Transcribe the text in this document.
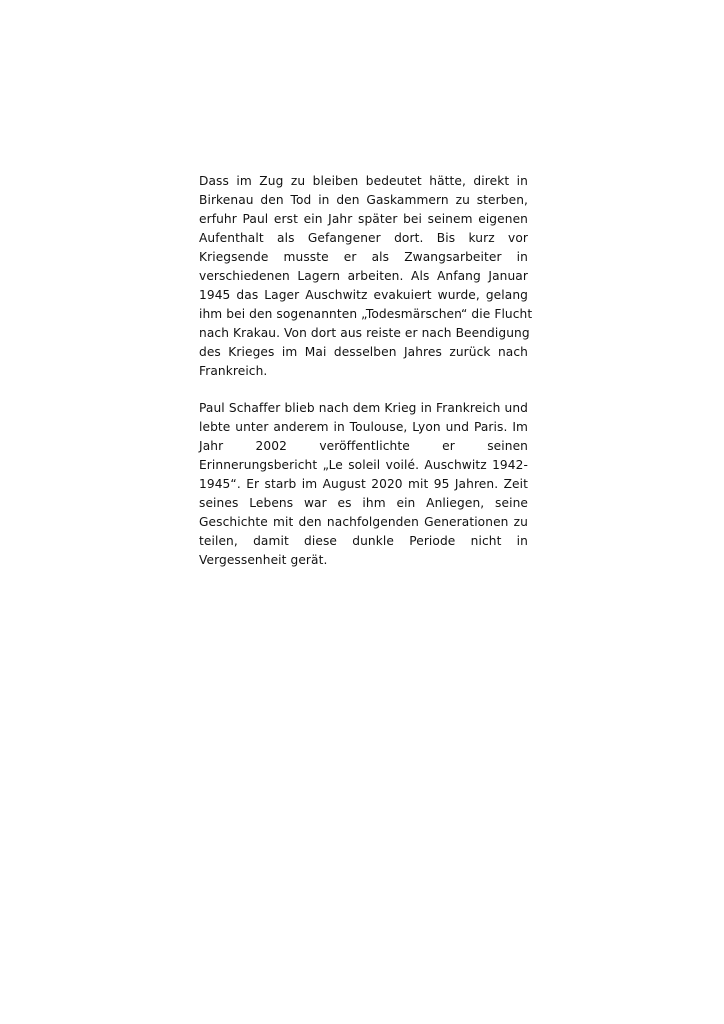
Dass im Zug zu bleiben bedeutet hätte, direkt in
Birkenau den Tod in den Gaskammern zu sterben,
erfuhr Paul erst ein Jahr später bei seinem eigenen
Aufenthalt als Gefangener dort. Bis kurz vor
Kriegsende musste er als Zwangsarbeiter in
verschiedenen Lagern arbeiten. Als Anfang Januar
1945 das Lager Auschwitz evakuiert wurde, gelang
ihm bei den sogenannten „Todesmärschen“ die Flucht
nach Krakau. Von dort aus reiste er nach Beendigung
des Krieges im Mai desselben Jahres zurück nach
Frankreich.

Paul Schaffer blieb nach dem Krieg in Frankreich und
lebte unter anderem in Toulouse, Lyon und Paris. Im
Jahr 2002 veröffentlichte er seinen
Erinnerungsbericht „Le soleil voilé. Auschwitz 1942-
1945“. Er starb im August 2020 mit 95 Jahren. Zeit
seines Lebens war es ihm ein Anliegen, seine
Geschichte mit den nachfolgenden Generationen zu
teilen, damit diese dunkle Periode nicht in
Vergessenheit gerät.
